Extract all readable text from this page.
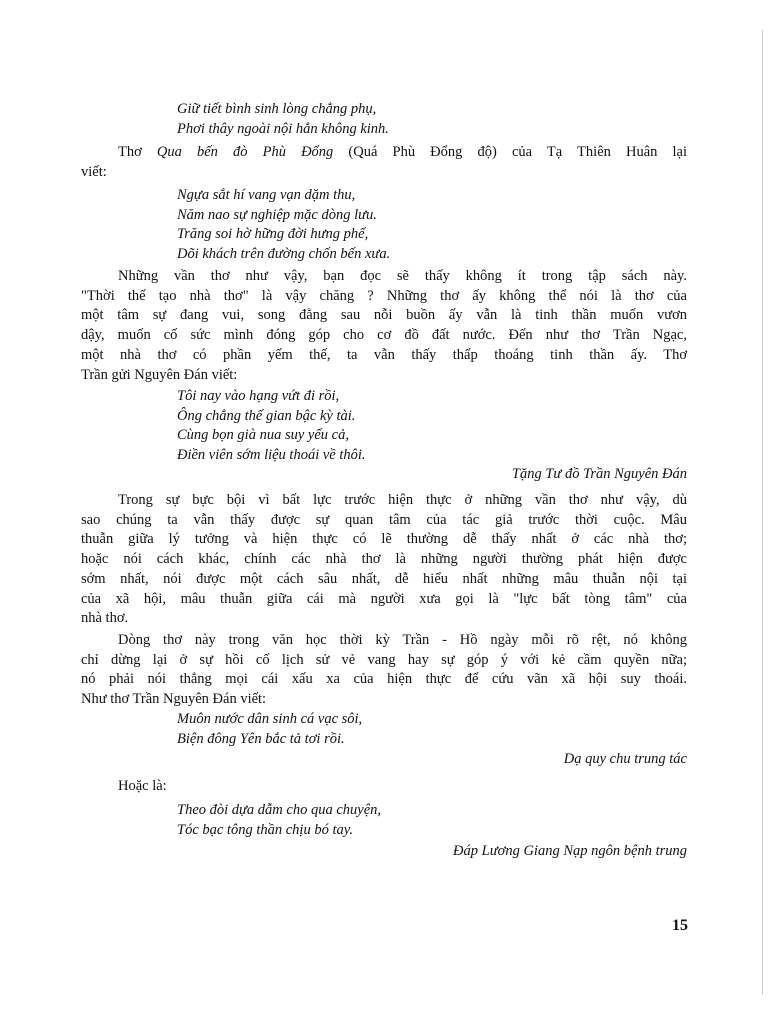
Giữ tiết bình sinh lòng chẳng phụ,
Phơi thây ngoài nội hẳn không kinh.
Thơ Qua bến đò Phù Đổng (Quá Phù Đổng độ) của Tạ Thiên Huân lại
viết:
Ngựa sắt hí vang vạn dặm thu,
Năm nao sự nghiệp mặc dòng lưu.
Trăng soi hờ hững đời hưng phế,
Dõi khách trên đường chốn bến xưa.
Những vần thơ như vậy, bạn đọc sẽ thấy không ít trong tập sách này.
"Thời thế tạo nhà thơ" là vậy chăng ? Những thơ ấy không thể nói là thơ của
một tâm sự đang vui, song đằng sau nỗi buồn ấy vẫn là tinh thần muốn vươn
dậy, muốn cố sức mình đóng góp cho cơ đồ đất nước. Đến như thơ Trần Ngạc,
một nhà thơ có phần yếm thế, ta vẫn thấy thấp thoáng tinh thần ấy. Thơ
Trần gửi Nguyên Đán viết:
Tôi nay vào hạng vứt đi rồi,
Ông chẳng thế gian bậc kỳ tài.
Cùng bọn già nua suy yếu cả,
Điền viên sớm liệu thoái về thôi.
Tặng Tư đồ Trần Nguyên Đán
Trong sự bực bội vì bất lực trước hiện thực ở những vần thơ như vậy, dù
sao chúng ta vẫn thấy được sự quan tâm của tác giả trước thời cuộc. Mâu
thuẫn giữa lý tưởng và hiện thực có lẽ thường dễ thấy nhất ở các nhà thơ;
hoặc nói cách khác, chính các nhà thơ là những người thường phát hiện được
sớm nhất, nói được một cách sâu nhất, dễ hiểu nhất những mâu thuẫn nội tại
của xã hội, mâu thuẫn giữa cái mà người xưa gọi là "lực bất tòng tâm" của
nhà thơ.
Dòng thơ này trong văn học thời kỳ Trần - Hồ ngày mỗi rõ rệt, nó không
chỉ dừng lại ở sự hồi cố lịch sử vẻ vang hay sự góp ý với kẻ cầm quyền nữa;
nó phải nói thẳng mọi cái xấu xa của hiện thực để cứu vãn xã hội suy thoái.
Như thơ Trần Nguyên Đán viết:
Muôn nước dân sinh cá vạc sôi,
Biện đông Yên bắc tả tơi rồi.
Dạ quy chu trung tác
Hoặc là:
Theo đòi dựa dẫm cho qua chuyện,
Tóc bạc tông thần chịu bó tay.
Đáp Lương Giang Nạp ngôn bệnh trung
15
